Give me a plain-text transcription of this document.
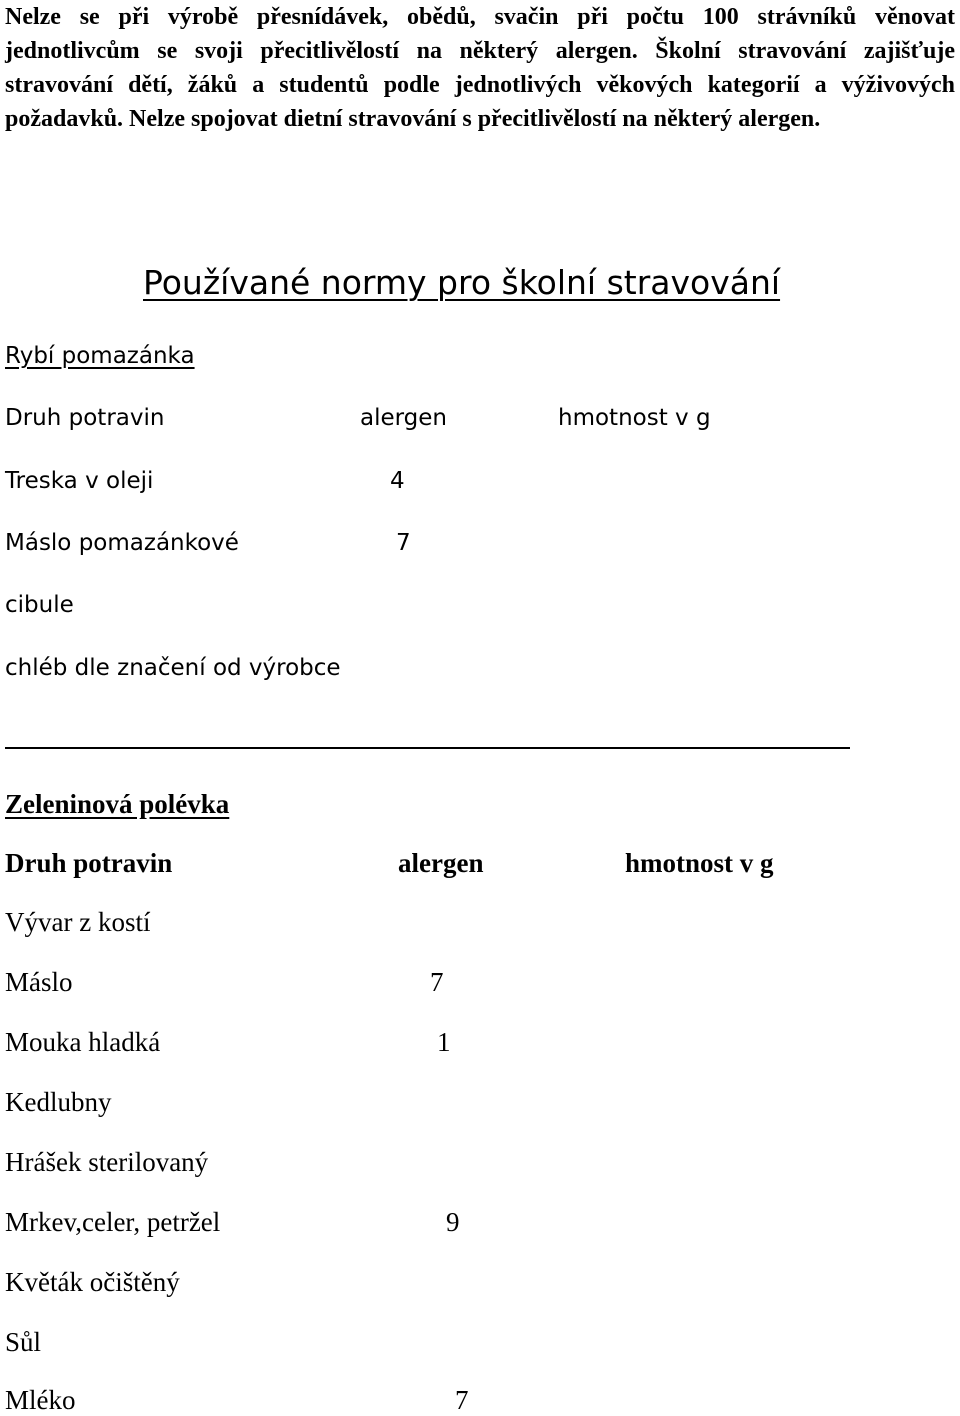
Nelze se při výrobě přesnídávek, obědů, svačin při počtu 100 strávníků věnovat jednotlivcům se svoji přecitlivělostí na některý alergen. Školní stravování zajišťuje stravování dětí, žáků a studentů podle jednotlivých věkových kategorií a výživových požadavků. Nelze spojovat dietní stravování s přecitlivělostí na některý alergen.

Používané normy pro školní stravování
Rybí pomazánka
Druh potravin	alergen	hmotnost v g
Treska v oleji	4
Máslo pomazánkové	7
cibule
chléb dle značení od výrobce
Zeleninová polévka
Druh potravin	alergen	hmotnost v g
Vývar z kostí
Máslo	7
Mouka hladká	1
Kedlubny
Hrášek sterilovaný
Mrkev,celer, petržel	9
Květák očištěný
Sůl
Mléko	7
